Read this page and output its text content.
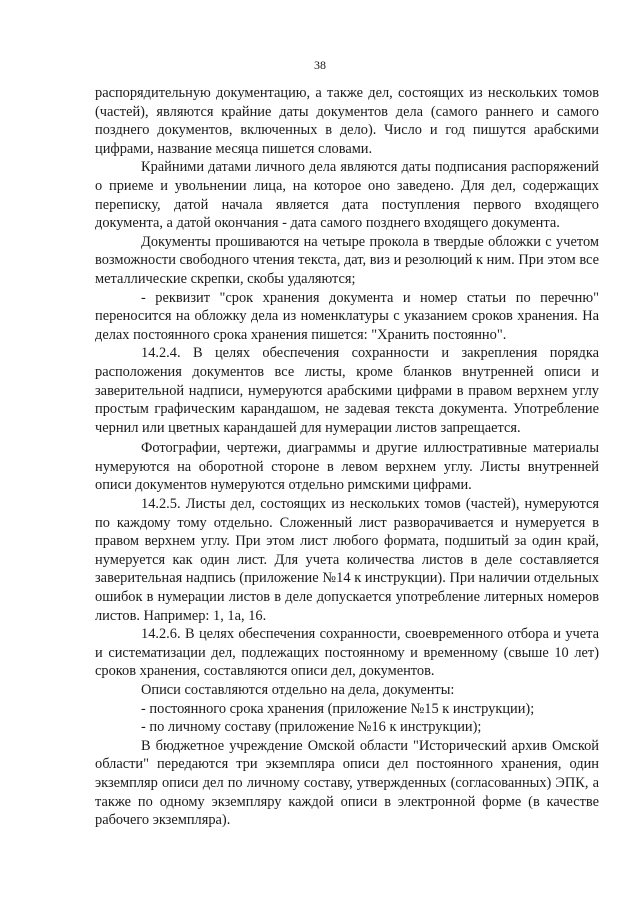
38

распорядительную документацию, а также дел, состоящих из нескольких томов (частей), являются крайние даты документов дела (самого раннего и самого позднего документов, включенных в дело). Число и год пишутся арабскими цифрами, название месяца пишется словами.

Крайними датами личного дела являются даты подписания распоряжений о приеме и увольнении лица, на которое оно заведено. Для дел, содержащих переписку, датой начала является дата поступления первого входящего документа, а датой окончания - дата самого позднего входящего документа.

Документы прошиваются на четыре прокола в твердые обложки с учетом возможности свободного чтения текста, дат, виз и резолюций к ним. При этом все металлические скрепки, скобы удаляются;

- реквизит "срок хранения документа и номер статьи по перечню" переносится на обложку дела из номенклатуры с указанием сроков хранения. На делах постоянного срока хранения пишется: "Хранить постоянно".

14.2.4. В целях обеспечения сохранности и закрепления порядка расположения документов все листы, кроме бланков внутренней описи и заверительной надписи, нумеруются арабскими цифрами в правом верхнем углу простым графическим карандашом, не задевая текста документа. Употребление чернил или цветных карандашей для нумерации листов запрещается.

Фотографии, чертежи, диаграммы и другие иллюстративные материалы нумеруются на оборотной стороне в левом верхнем углу. Листы внутренней описи документов нумеруются отдельно римскими цифрами.

14.2.5. Листы дел, состоящих из нескольких томов (частей), нумеруются по каждому тому отдельно. Сложенный лист разворачивается и нумеруется в правом верхнем углу. При этом лист любого формата, подшитый за один край, нумеруется как один лист. Для учета количества листов в деле составляется заверительная надпись (приложение №14 к инструкции). При наличии отдельных ошибок в нумерации листов в деле допускается употребление литерных номеров листов. Например: 1, 1а, 16.

14.2.6. В целях обеспечения сохранности, своевременного отбора и учета и систематизации дел, подлежащих постоянному и временному (свыше 10 лет) сроков хранения, составляются описи дел, документов.

Описи составляются отдельно на дела, документы:

- постоянного срока хранения (приложение №15 к инструкции);

- по личному составу (приложение №16 к инструкции);

В бюджетное учреждение Омской области "Исторический архив Омской области" передаются три экземпляра описи дел постоянного хранения, один экземпляр описи дел по личному составу, утвержденных (согласованных) ЭПК, а также по одному экземпляру каждой описи в электронной форме (в качестве рабочего экземпляра).
